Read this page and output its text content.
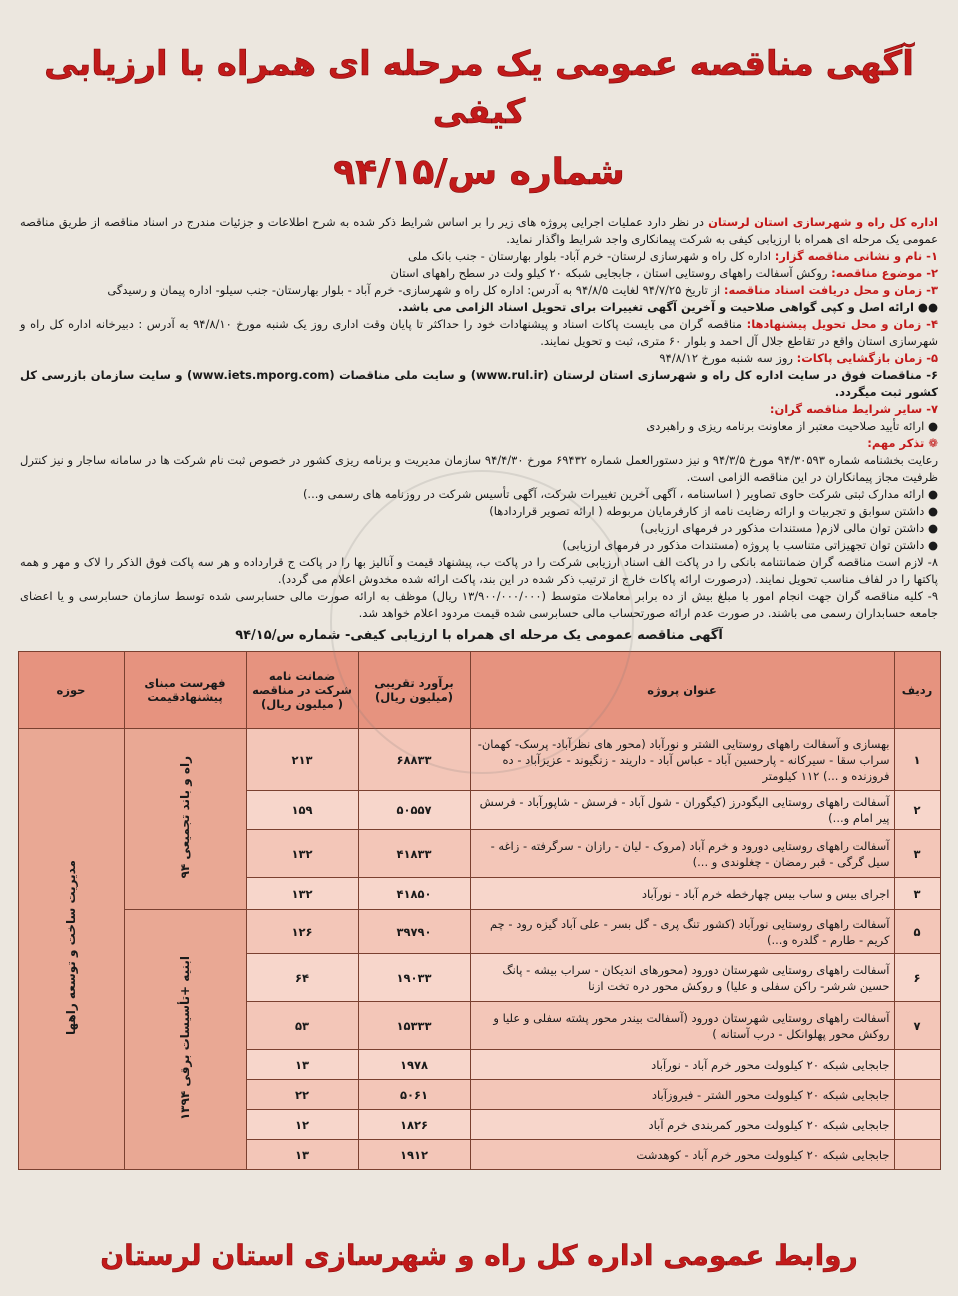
آگهی مناقصه عمومی یک مرحله ای همراه با ارزیابی کیفی
شماره س/۹۴/۱۵

اداره کل راه و شهرسازی استان لرستان در نظر دارد عملیات اجرایی پروژه های زیر را بر اساس شرایط ذکر شده به شرح اطلاعات و جزئیات مندرج در اسناد مناقصه از طریق مناقصه عمومی یک مرحله ای همراه با ارزیابی کیفی به شرکت پیمانکاری واجد شرایط واگذار نماید.

۱- نام و نشانی مناقصه گزار: اداره کل راه و شهرسازی لرستان- خرم آباد- بلوار بهارستان - جنب بانک ملی

۲- موضوع مناقصه: روکش آسفالت راههای روستایی استان ، جابجایی شبکه ۲۰ کیلو ولت در سطح راههای استان

۳- زمان و محل دریافت اسناد مناقصه: از تاریخ ۹۴/۷/۲۵ لغایت ۹۴/۸/۵ به آدرس: اداره کل راه و شهرسازی- خرم آباد - بلوار بهارستان- جنب سیلو- اداره پیمان و رسیدگی

●● ارائه اصل و کپی گواهی صلاحیت و آخرین آگهی تغییرات برای تحویل اسناد الزامی می باشد.

۴- زمان و محل تحویل پیشنهادها: مناقصه گران می بایست پاکات اسناد و پیشنهادات خود را حداکثر تا پایان وقت اداری روز یک شنبه مورخ ۹۴/۸/۱۰ به آدرس : دبیرخانه اداره کل راه و شهرسازی استان واقع در تقاطع جلال آل احمد و بلوار ۶۰ متری، ثبت و تحویل نمایند.

۵- زمان بازگشایی پاکات: روز سه شنبه مورخ ۹۴/۸/۱۲

۶- مناقصات فوق در سایت اداره کل راه و شهرسازی استان لرستان (www.rul.ir) و سایت ملی مناقصات (www.iets.mporg.com) و سایت سازمان بازرسی کل کشور ثبت میگردد.

۷- سایر شرایط مناقصه گران:

● ارائه تأیید صلاحیت معتبر از معاونت برنامه ریزی و راهبردی

❁ تذکر مهم:

رعایت بخشنامه شماره ۹۴/۳۰۵۹۳ مورخ ۹۴/۳/۵ و نیز دستورالعمل شماره ۶۹۴۳۲ مورخ ۹۴/۴/۳۰ سازمان مدیریت و برنامه ریزی کشور در خصوص ثبت نام شرکت ها در سامانه ساجار و نیز کنترل ظرفیت مجاز پیمانکاران در این مناقصه الزامی است.

● ارائه مدارک ثبتی شرکت حاوی تصاویر ( اساسنامه ، آگهی آخرین تغییرات شرکت، آگهی تأسیس شرکت در روزنامه های رسمی و...)

● داشتن سوابق و تجربیات و ارائه رضایت نامه از کارفرمایان مربوطه ( ارائه تصویر قراردادها)

● داشتن توان مالی لازم( مستندات مذکور در فرمهای ارزیابی)

● داشتن توان تجهیزاتی متناسب با پروژه (مستندات مذکور در فرمهای ارزیابی)

۸- لازم است مناقصه گران ضمانتنامه بانکی را در پاکت الف اسناد ارزیابی شرکت را در پاکت ب، پیشنهاد قیمت و آنالیز بها را در پاکت ج قرارداده و هر سه پاکت فوق الذکر را لاک و مهر و همه پاکتها را در لفاف مناسب تحویل نمایند. (درصورت ارائه پاکات خارج از ترتیب ذکر شده در این بند، پاکت ارائه شده مخدوش اعلام می گردد).

۹- کلیه مناقصه گران جهت انجام امور با مبلغ بیش از ده برابر معاملات متوسط (۱۳/۹۰۰/۰۰۰/۰۰۰ ریال) موظف به ارائه صورت مالی حسابرسی شده توسط سازمان حسابرسی و یا اعضای جامعه حسابداران رسمی می باشند. در صورت عدم ارائه صورتحساب مالی حسابرسی شده قیمت مردود اعلام خواهد شد.

آگهی مناقصه عمومی یک مرحله ای همراه با ارزیابی کیفی- شماره س/۹۴/۱۵
ردیف	عنوان پروژه	برآورد تقریبی (میلیون ریال)	ضمانت نامه شرکت در مناقصه ( میلیون ریال)	فهرست مبنای پیشنهادقیمت	حوزه
۱	بهسازی و آسفالت راههای روستایی الشتر و نورآباد (محور های نظرآباد- پرسک- کهمان- سراب سقا - سیرکانه - پارحسین آباد - عباس آباد - داریند - زنگیوند - عزیزآباد - ده فروزنده و ...) ۱۱۲ کیلومتر	۶۸۸۳۳	۲۱۳	راه و باند تجمیعی ۹۴	مدیریت ساخت و توسعه راهها
۲	آسفالت راههای روستایی الیگودرز (کیگوران - شول آباد - فرسش - شاپورآباد - فرسش پیر امام و...)	۵۰۵۵۷	۱۵۹		
۳	آسفالت راههای روستایی دورود و خرم آباد (مروک - لیان - رازان - سرگرفته - زاغه - سیل گرگی - قبر رمضان - چغلوندی و ...)	۴۱۸۳۳	۱۳۲		
۳	اجرای بیس و ساب بیس چهارخطه خرم آباد - نورآباد	۴۱۸۵۰	۱۳۲		
۵	آسفالت راههای روستایی نورآباد (کشور تنگ پری - گل بسر - علی آباد گیزه رود - چم کریم - طارم - گلدره و...)	۳۹۷۹۰	۱۲۶	ابنیه +تأسیسات برقی ۱۳۹۴	
۶	آسفالت راههای روستایی شهرستان دورود (محورهای اندیکان - سراب بیشه - پانگ حسین شرشر- راکن سفلی و علیا) و روکش محور دره تخت ازنا	۱۹۰۳۳	۶۴		
۷	آسفالت راههای روستایی شهرستان دورود (آسفالت بیندر محور پشته سفلی و علیا و روکش محور پهلوانکل - درب آستانه )	۱۵۳۳۳	۵۳		
	جابجایی شبکه ۲۰ کیلوولت محور خرم آباد - نورآباد	۱۹۷۸	۱۳		
	جابجایی شبکه ۲۰ کیلوولت محور الشتر - فیروزآباد	۵۰۶۱	۲۲		
	جابجایی شبکه ۲۰ کیلوولت محور کمربندی خرم آباد	۱۸۲۶	۱۲		
	جابجایی شبکه ۲۰ کیلوولت محور خرم آباد - کوهدشت	۱۹۱۲	۱۳		
روابط عمومی اداره کل راه و شهرسازی استان لرستان
